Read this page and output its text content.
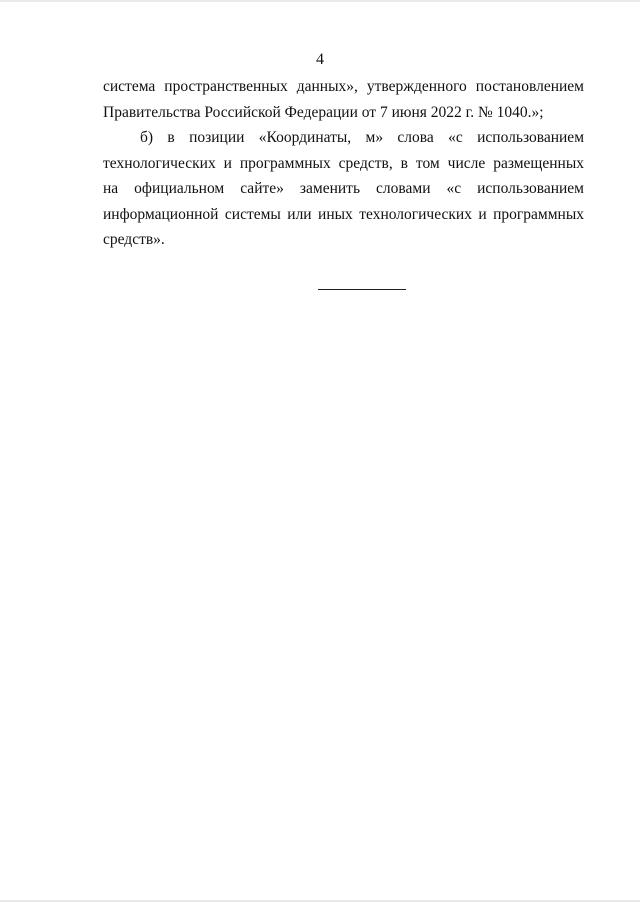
4

система пространственных данных», утвержденного постановлением
Правительства Российской Федерации от 7 июня 2022 г. № 1040.»;

б) в позиции «Координаты, м» слова «с использованием
технологических и программных средств, в том числе размещенных
на официальном сайте» заменить словами «с использованием
информационной системы или иных технологических и программных
средств».
